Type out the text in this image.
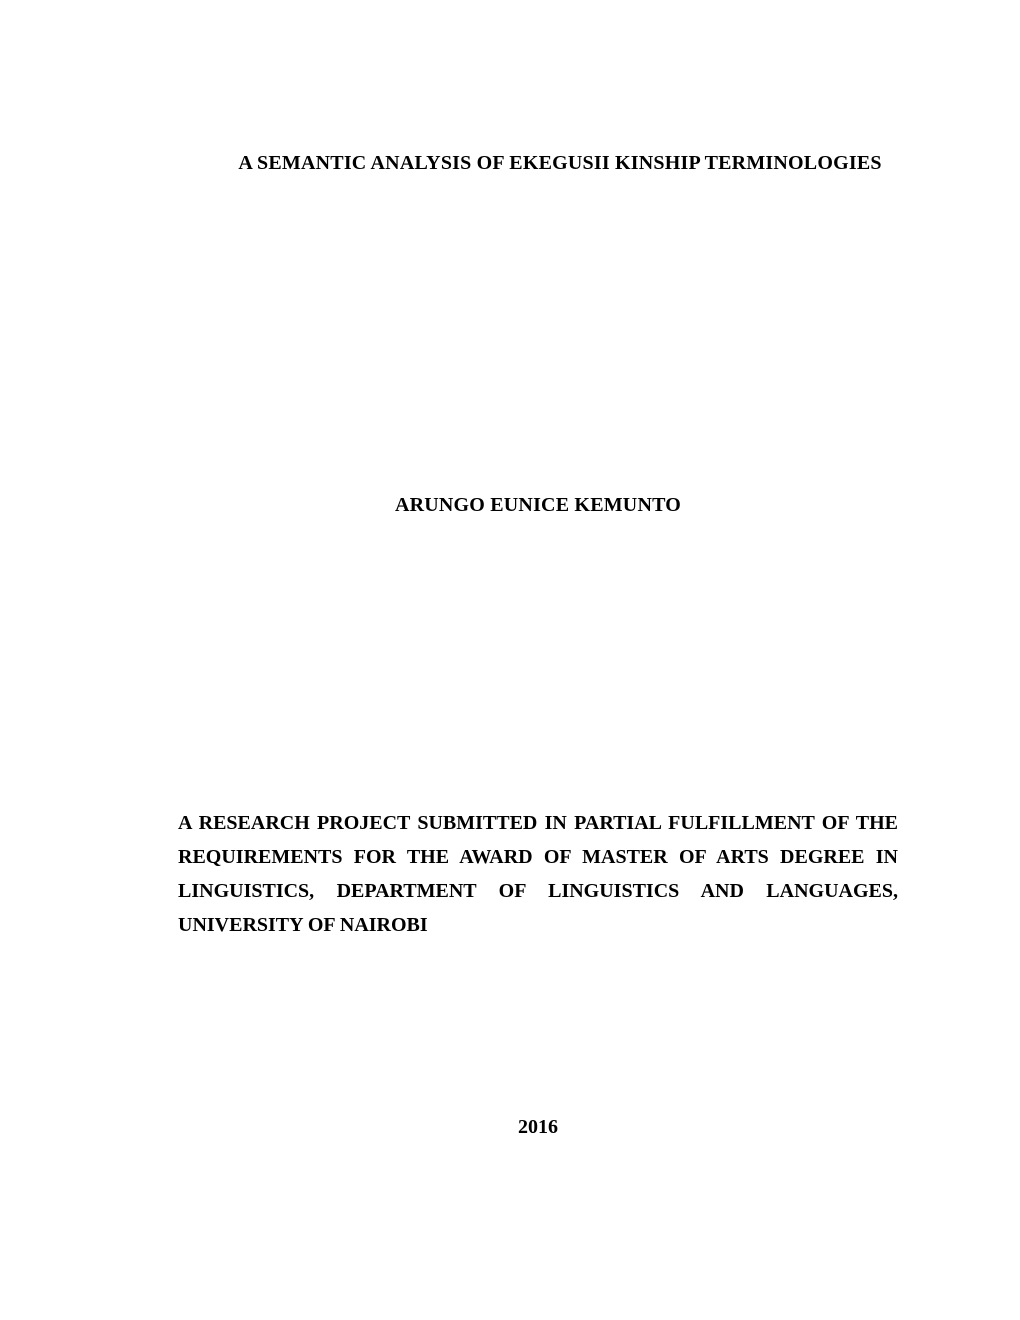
A SEMANTIC ANALYSIS OF EKEGUSII KINSHIP TERMINOLOGIES
ARUNGO EUNICE KEMUNTO
A RESEARCH PROJECT SUBMITTED IN PARTIAL FULFILLMENT OF THE
REQUIREMENTS FOR THE AWARD OF MASTER OF ARTS DEGREE IN
LINGUISTICS, DEPARTMENT OF LINGUISTICS AND LANGUAGES,
UNIVERSITY OF NAIROBI
2016
